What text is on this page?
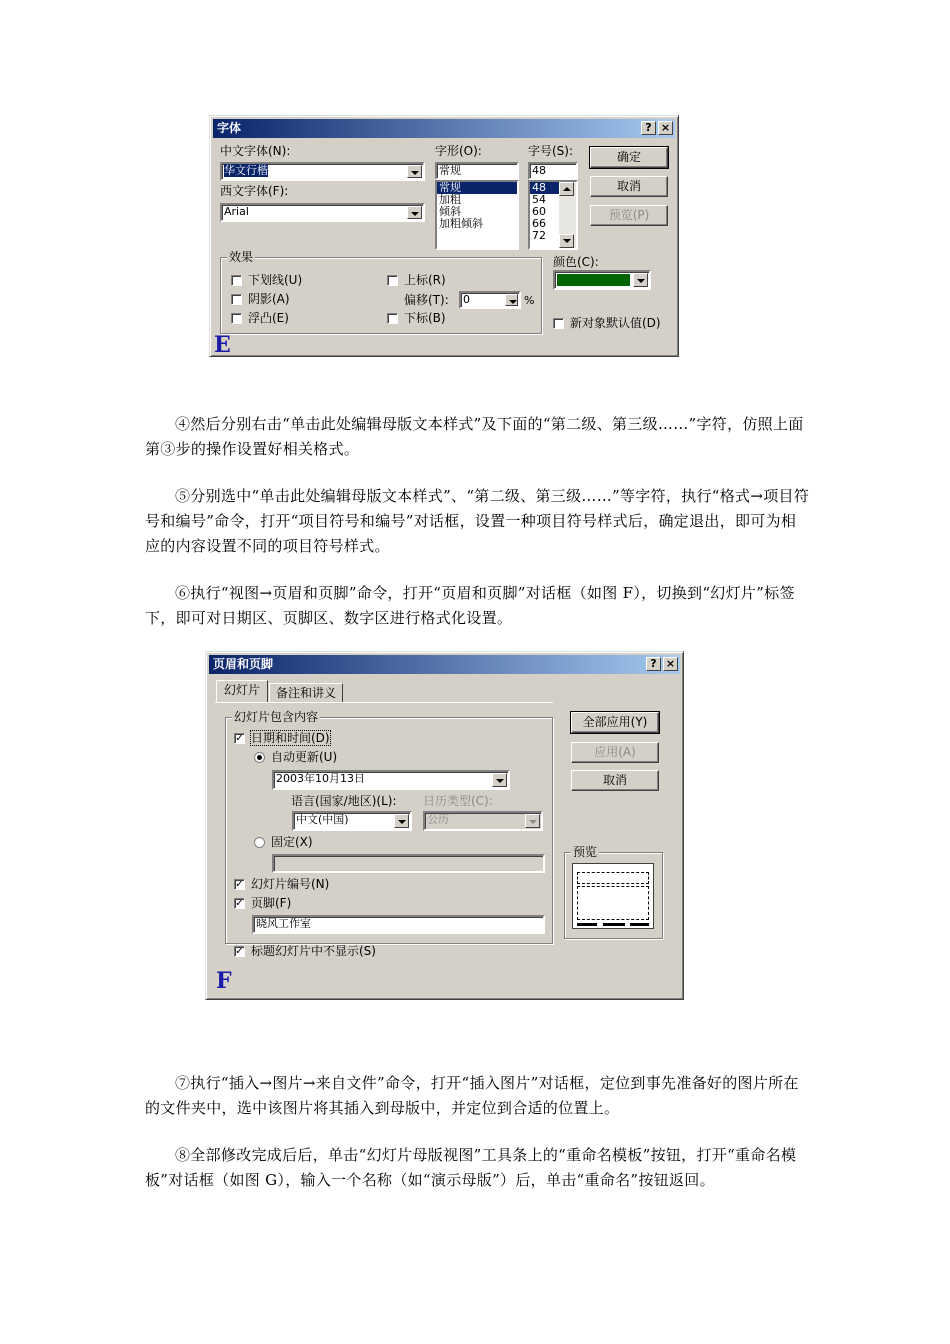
字体	? ×
中文字体(N):
华文行楷
西文字体(F):
Arial
字形(O):
常规
常规
加粗
倾斜
加粗倾斜
字号(S):
48
48
54
60
66
72
确定
取消
预览(P)
效果
下划线(U)
阴影(A)
浮凸(E)
上标(R)
偏移(T):	0	%
下标(B)
颜色(C):
新对象默认值(D)
E
④然后分别右击“单击此处编辑母版文本样式”及下面的“第二级、第三级……”字符，仿照上面第③步的操作设置好相关格式。
⑤分别选中“单击此处编辑母版文本样式”、“第二级、第三级……”等字符，执行“格式→项目符号和编号”命令，打开“项目符号和编号”对话框，设置一种项目符号样式后，确定退出，即可为相应的内容设置不同的项目符号样式。
⑥执行“视图→页眉和页脚”命令，打开“页眉和页脚”对话框（如图 F），切换到“幻灯片”标签下，即可对日期区、页脚区、数字区进行格式化设置。
页眉和页脚	? ×
幻灯片	备注和讲义
幻灯片包含内容
✓ 日期和时间(D)
自动更新(U)
2003年10月13日
语言(国家/地区)(L): 日历类型(C):
中文(中国)	公历
固定(X)
✓ 幻灯片编号(N)
✓ 页脚(F)
晓风工作室
✓ 标题幻灯片中不显示(S)
全部应用(Y)
应用(A)
取消
预览
F
⑦执行“插入→图片→来自文件”命令，打开“插入图片”对话框，定位到事先准备好的图片所在的文件夹中，选中该图片将其插入到母版中，并定位到合适的位置上。
⑧全部修改完成后后，单击“幻灯片母版视图”工具条上的“重命名模板”按钮，打开“重命名模板”对话框（如图 G），输入一个名称（如“演示母版”）后，单击“重命名”按钮返回。
